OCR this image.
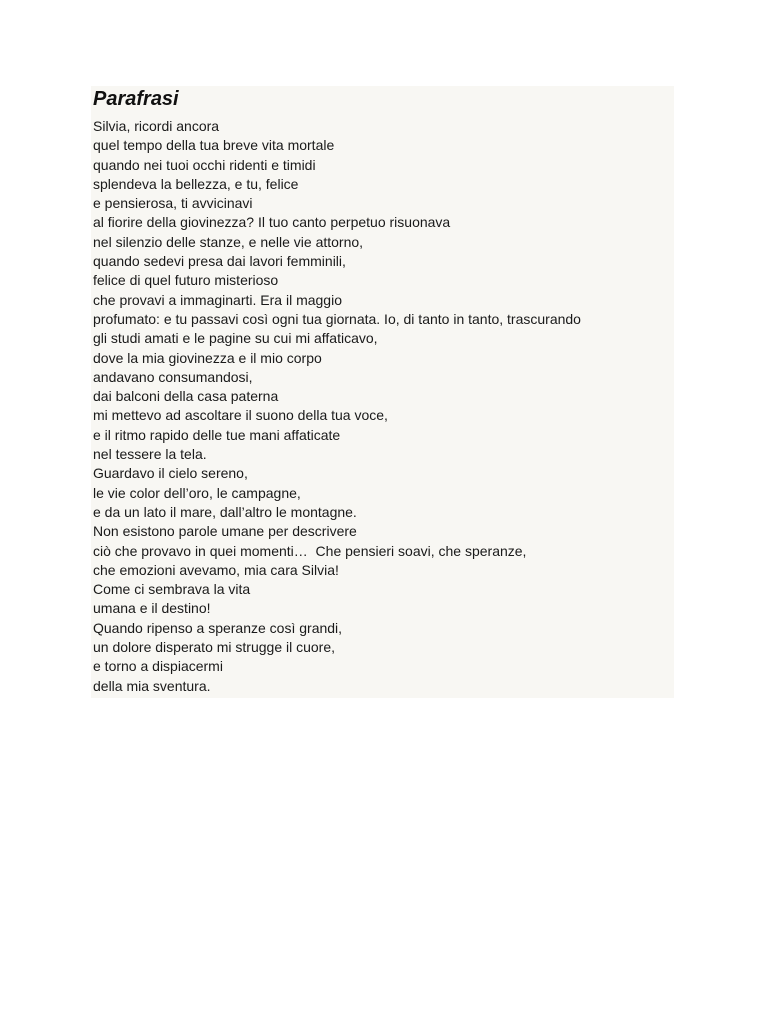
Parafrasi
Silvia, ricordi ancora
quel tempo della tua breve vita mortale
quando nei tuoi occhi ridenti e timidi
splendeva la bellezza, e tu, felice
e pensierosa, ti avvicinavi
al fiorire della giovinezza? Il tuo canto perpetuo risuonava
nel silenzio delle stanze, e nelle vie attorno,
quando sedevi presa dai lavori femminili,
felice di quel futuro misterioso
che provavi a immaginarti. Era il maggio
profumato: e tu passavi così ogni tua giornata. Io, di tanto in tanto, trascurando
gli studi amati e le pagine su cui mi affaticavo,
dove la mia giovinezza e il mio corpo
andavano consumandosi,
dai balconi della casa paterna
mi mettevo ad ascoltare il suono della tua voce,
e il ritmo rapido delle tue mani affaticate
nel tessere la tela.
Guardavo il cielo sereno,
le vie color dell’oro, le campagne,
e da un lato il mare, dall’altro le montagne.
Non esistono parole umane per descrivere
ciò che provavo in quei momenti…  Che pensieri soavi, che speranze,
che emozioni avevamo, mia cara Silvia!
Come ci sembrava la vita
umana e il destino!
Quando ripenso a speranze così grandi,
un dolore disperato mi strugge il cuore,
e torno a dispiacermi
della mia sventura.
